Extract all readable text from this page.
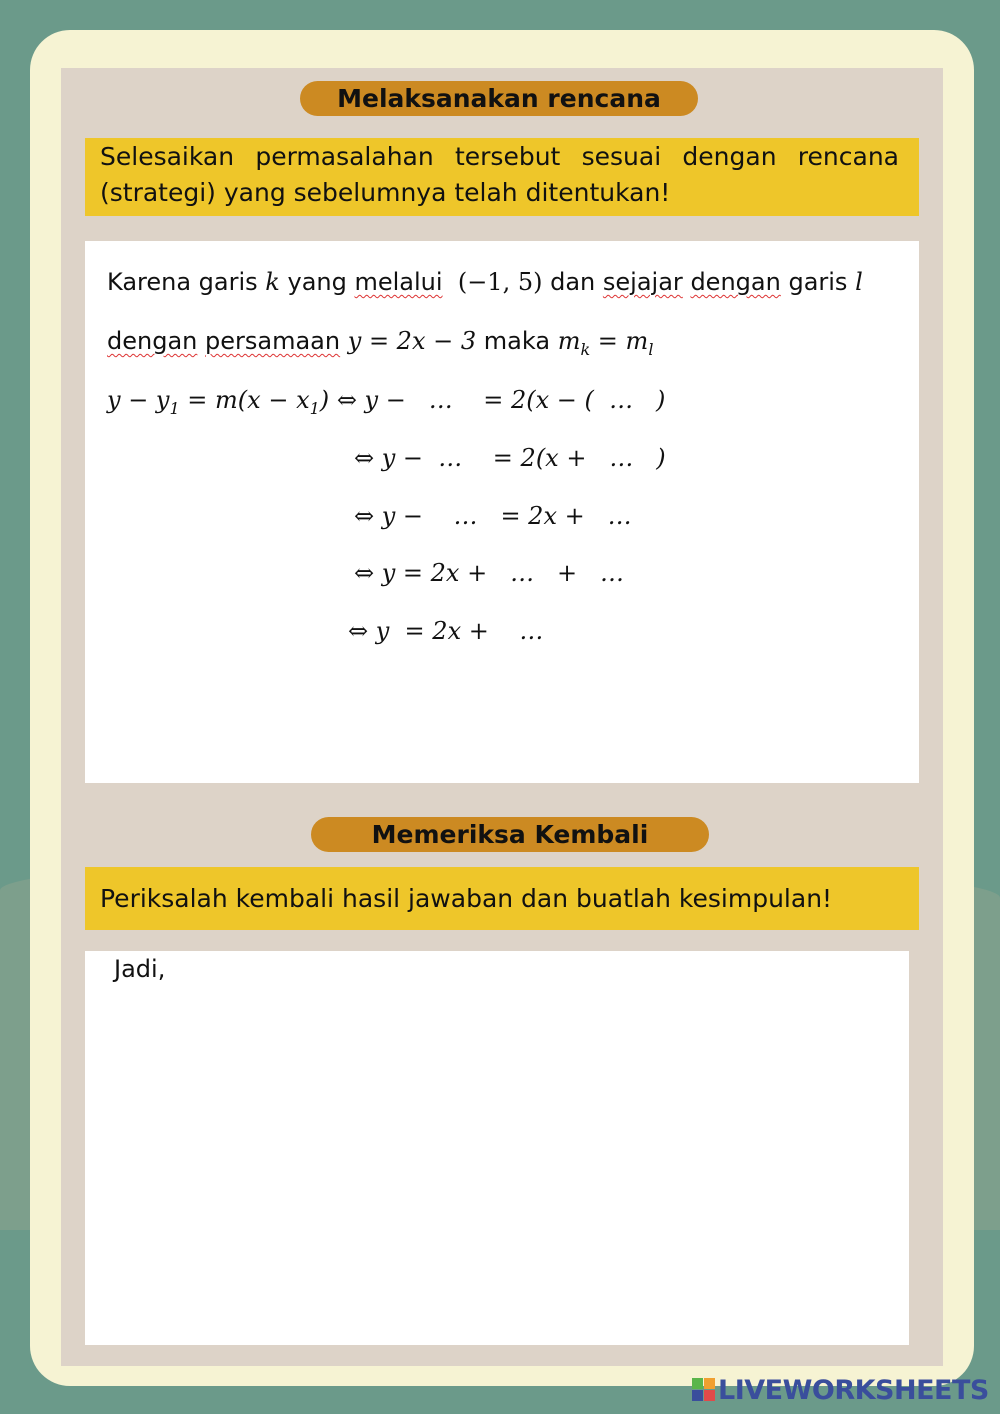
Melaksanakan rencana
Selesaikan permasalahan tersebut sesuai dengan rencana
(strategi) yang sebelumnya telah ditentukan!
Karena garis k yang melalui (−1, 5) dan sejajar dengan garis l
dengan persamaan y = 2x − 3 maka $m_k = m_l$
$y - y_1 = m(x - x_1)$ ⇔ y −   …    = 2(x − (  …   )
⇔ y −  …    = 2(x +   …   )
⇔ y −    …   = 2x +   …
⇔ y = 2x +   …   +   …
⇔ y  = 2x +    …
Memeriksa Kembali
Periksalah kembali hasil jawaban dan buatlah kesimpulan!
Jadi,
LIVEWORKSHEETS
